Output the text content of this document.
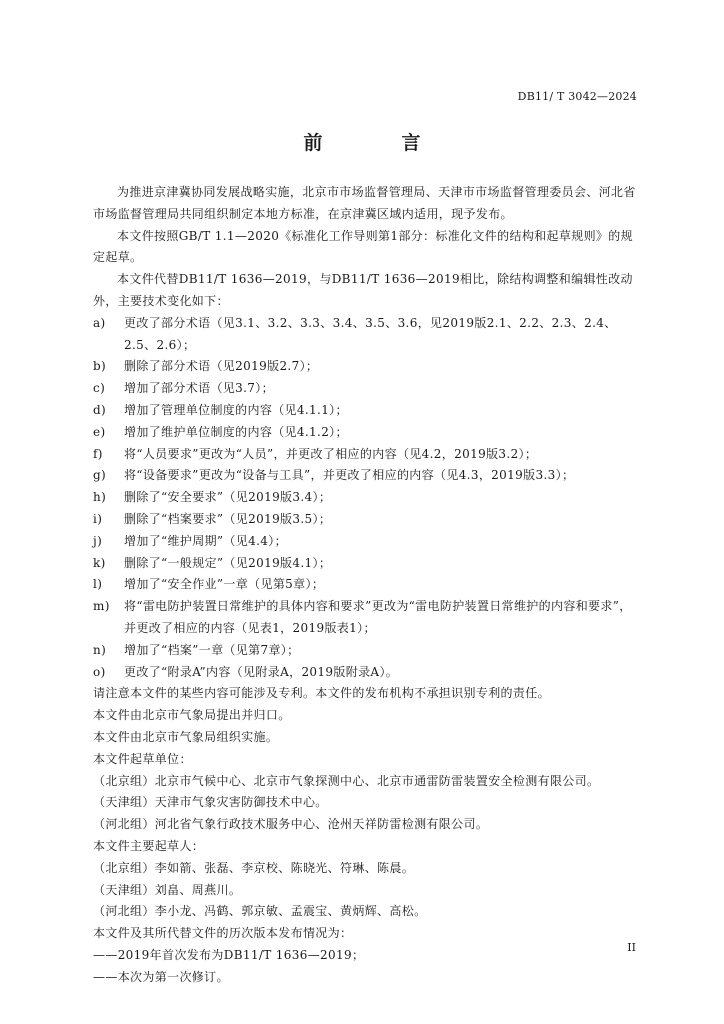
DB11/ T 3042—2024
前　言

为推进京津冀协同发展战略实施，北京市市场监督管理局、天津市市场监督管理委员会、河北省市场监督管理局共同组织制定本地方标准，在京津冀区域内适用，现予发布。

本文件按照GB/T 1.1—2020《标准化工作导则第1部分：标准化文件的结构和起草规则》的规定起草。

本文件代替DB11/T 1636—2019，与DB11/T 1636—2019相比，除结构调整和编辑性改动外，主要技术变化如下：

a)	更改了部分术语（见3.1、3.2、3.3、3.4、3.5、3.6，见2019版2.1、2.2、2.3、2.4、2.5、2.6）；
b)	删除了部分术语（见2019版2.7）；
c)	增加了部分术语（见3.7）；
d)	增加了管理单位制度的内容（见4.1.1）；
e)	增加了维护单位制度的内容（见4.1.2）；
f)	将“人员要求”更改为“人员”，并更改了相应的内容（见4.2，2019版3.2）；
g)	将“设备要求”更改为“设备与工具”，并更改了相应的内容（见4.3，2019版3.3）；
h)	删除了“安全要求”（见2019版3.4）；
i)	删除了“档案要求”（见2019版3.5）；
j)	增加了“维护周期”（见4.4）；
k)	删除了“一般规定”（见2019版4.1）；
l)	增加了“安全作业”一章（见第5章）；
m)	将“雷电防护装置日常维护的具体内容和要求”更改为“雷电防护装置日常维护的内容和要求”，并更改了相应的内容（见表1，2019版表1）；
n)	增加了“档案”一章（见第7章）；
o)	更改了“附录A”内容（见附录A，2019版附录A）。

请注意本文件的某些内容可能涉及专利。本文件的发布机构不承担识别专利的责任。

本文件由北京市气象局提出并归口。

本文件由北京市气象局组织实施。

本文件起草单位：

（北京组）北京市气候中心、北京市气象探测中心、北京市通雷防雷装置安全检测有限公司。

（天津组）天津市气象灾害防御技术中心。

（河北组）河北省气象行政技术服务中心、沧州天祥防雷检测有限公司。

本文件主要起草人：

（北京组）李如箭、张磊、李京校、陈晓光、符琳、陈晨。

（天津组）刘畠、周燕川。

（河北组）李小龙、冯鹤、郭京敏、孟震宝、黄炳辉、高松。

本文件及其所代替文件的历次版本发布情况为：

——2019年首次发布为DB11/T 1636—2019；

——本次为第一次修订。

II
